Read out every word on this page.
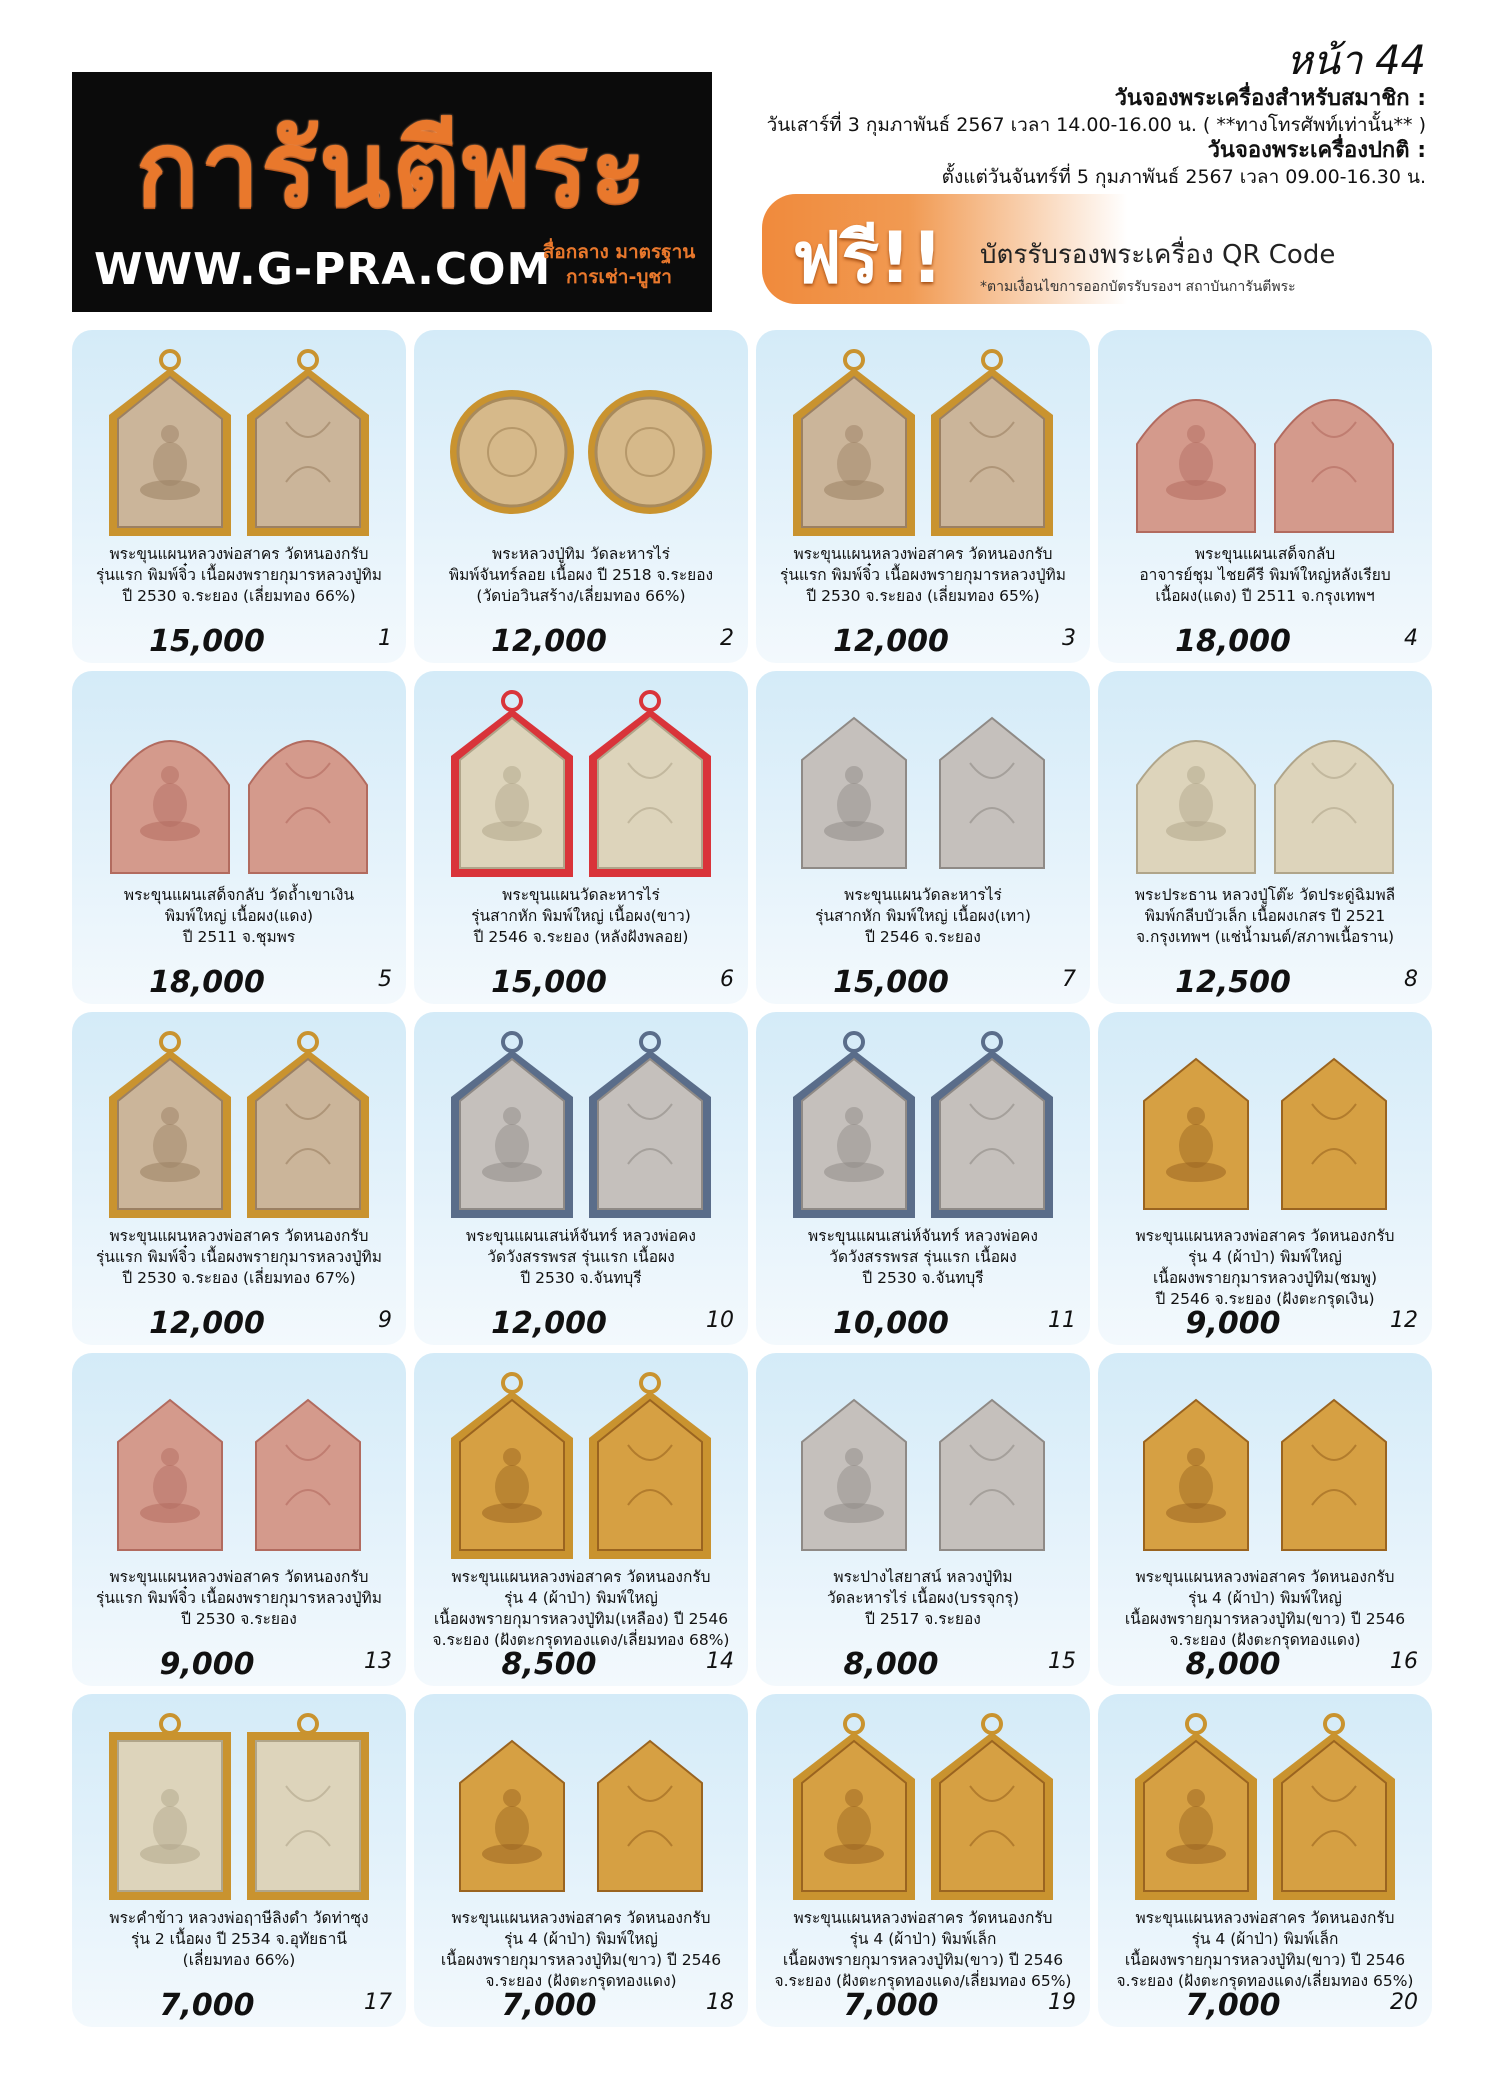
หน้า 44
การันตีพระ
WWW.G-PRA.COM
สื่อกลาง มาตรฐาน
การเช่า-บูชา
วันจองพระเครื่องสำหรับสมาชิก :
วันเสาร์ที่ 3 กุมภาพันธ์ 2567 เวลา 14.00-16.00 น. ( **ทางโทรศัพท์เท่านั้น** )
วันจองพระเครื่องปกติ :
ตั้งแต่วันจันทร์ที่ 5 กุมภาพันธ์ 2567 เวลา 09.00-16.30 น.
ฟรี!! บัตรรับรองพระเครื่อง QR Code
*ตามเงื่อนไขการออกบัตรรับรองฯ สถาบันการันตีพระ
พระขุนแผนหลวงพ่อสาคร วัดหนองกรับ
รุ่นแรก พิมพ์จิ๋ว เนื้อผงพรายกุมารหลวงปู่ทิม
ปี 2530 จ.ระยอง (เลี่ยมทอง 66%)
15,000	1
พระหลวงปู่ทิม วัดละหารไร่
พิมพ์จันทร์ลอย เนื้อผง ปี 2518 จ.ระยอง
(วัดบ่อวินสร้าง/เลี่ยมทอง 66%)
12,000	2
พระขุนแผนหลวงพ่อสาคร วัดหนองกรับ
รุ่นแรก พิมพ์จิ๋ว เนื้อผงพรายกุมารหลวงปู่ทิม
ปี 2530 จ.ระยอง (เลี่ยมทอง 65%)
12,000	3
พระขุนแผนเสด็จกลับ
อาจารย์ชุม ไชยคีรี พิมพ์ใหญ่หลังเรียบ
เนื้อผง(แดง) ปี 2511 จ.กรุงเทพฯ
18,000	4
พระขุนแผนเสด็จกลับ วัดถ้ำเขาเงิน
พิมพ์ใหญ่ เนื้อผง(แดง)
ปี 2511 จ.ชุมพร
18,000	5
พระขุนแผนวัดละหารไร่
รุ่นสากหัก พิมพ์ใหญ่ เนื้อผง(ขาว)
ปี 2546 จ.ระยอง (หลังฝังพลอย)
15,000	6
พระขุนแผนวัดละหารไร่
รุ่นสากหัก พิมพ์ใหญ่ เนื้อผง(เทา)
ปี 2546 จ.ระยอง
15,000	7
พระประธาน หลวงปู่โต๊ะ วัดประดู่ฉิมพลี
พิมพ์กลีบบัวเล็ก เนื้อผงเกสร ปี 2521
จ.กรุงเทพฯ (แช่น้ำมนต์/สภาพเนื้อราน)
12,500	8
พระขุนแผนหลวงพ่อสาคร วัดหนองกรับ
รุ่นแรก พิมพ์จิ๋ว เนื้อผงพรายกุมารหลวงปู่ทิม
ปี 2530 จ.ระยอง (เลี่ยมทอง 67%)
12,000	9
พระขุนแผนเสน่ห์จันทร์ หลวงพ่อคง
วัดวังสรรพรส รุ่นแรก เนื้อผง
ปี 2530 จ.จันทบุรี
12,000	10
พระขุนแผนเสน่ห์จันทร์ หลวงพ่อคง
วัดวังสรรพรส รุ่นแรก เนื้อผง
ปี 2530 จ.จันทบุรี
10,000	11
พระขุนแผนหลวงพ่อสาคร วัดหนองกรับ
รุ่น 4 (ผ้าป่า) พิมพ์ใหญ่
เนื้อผงพรายกุมารหลวงปู่ทิม(ชมพู)
ปี 2546 จ.ระยอง (ฝังตะกรุดเงิน)
9,000	12
พระขุนแผนหลวงพ่อสาคร วัดหนองกรับ
รุ่นแรก พิมพ์จิ๋ว เนื้อผงพรายกุมารหลวงปู่ทิม
ปี 2530 จ.ระยอง
9,000	13
พระขุนแผนหลวงพ่อสาคร วัดหนองกรับ
รุ่น 4 (ผ้าป่า) พิมพ์ใหญ่
เนื้อผงพรายกุมารหลวงปู่ทิม(เหลือง) ปี 2546
จ.ระยอง (ฝังตะกรุดทองแดง/เลี่ยมทอง 68%)
8,500	14
พระปางไสยาสน์ หลวงปู่ทิม
วัดละหารไร่ เนื้อผง(บรรจุกรุ)
ปี 2517 จ.ระยอง
8,000	15
พระขุนแผนหลวงพ่อสาคร วัดหนองกรับ
รุ่น 4 (ผ้าป่า) พิมพ์ใหญ่
เนื้อผงพรายกุมารหลวงปู่ทิม(ขาว) ปี 2546
จ.ระยอง (ฝังตะกรุดทองแดง)
8,000	16
พระคำข้าว หลวงพ่อฤาษีลิงดำ วัดท่าซุง
รุ่น 2 เนื้อผง ปี 2534 จ.อุทัยธานี
(เลี่ยมทอง 66%)
7,000	17
พระขุนแผนหลวงพ่อสาคร วัดหนองกรับ
รุ่น 4 (ผ้าป่า) พิมพ์ใหญ่
เนื้อผงพรายกุมารหลวงปู่ทิม(ขาว) ปี 2546
จ.ระยอง (ฝังตะกรุดทองแดง)
7,000	18
พระขุนแผนหลวงพ่อสาคร วัดหนองกรับ
รุ่น 4 (ผ้าป่า) พิมพ์เล็ก
เนื้อผงพรายกุมารหลวงปู่ทิม(ขาว) ปี 2546
จ.ระยอง (ฝังตะกรุดทองแดง/เลี่ยมทอง 65%)
7,000	19
พระขุนแผนหลวงพ่อสาคร วัดหนองกรับ
รุ่น 4 (ผ้าป่า) พิมพ์เล็ก
เนื้อผงพรายกุมารหลวงปู่ทิม(ขาว) ปี 2546
จ.ระยอง (ฝังตะกรุดทองแดง/เลี่ยมทอง 65%)
7,000	20
